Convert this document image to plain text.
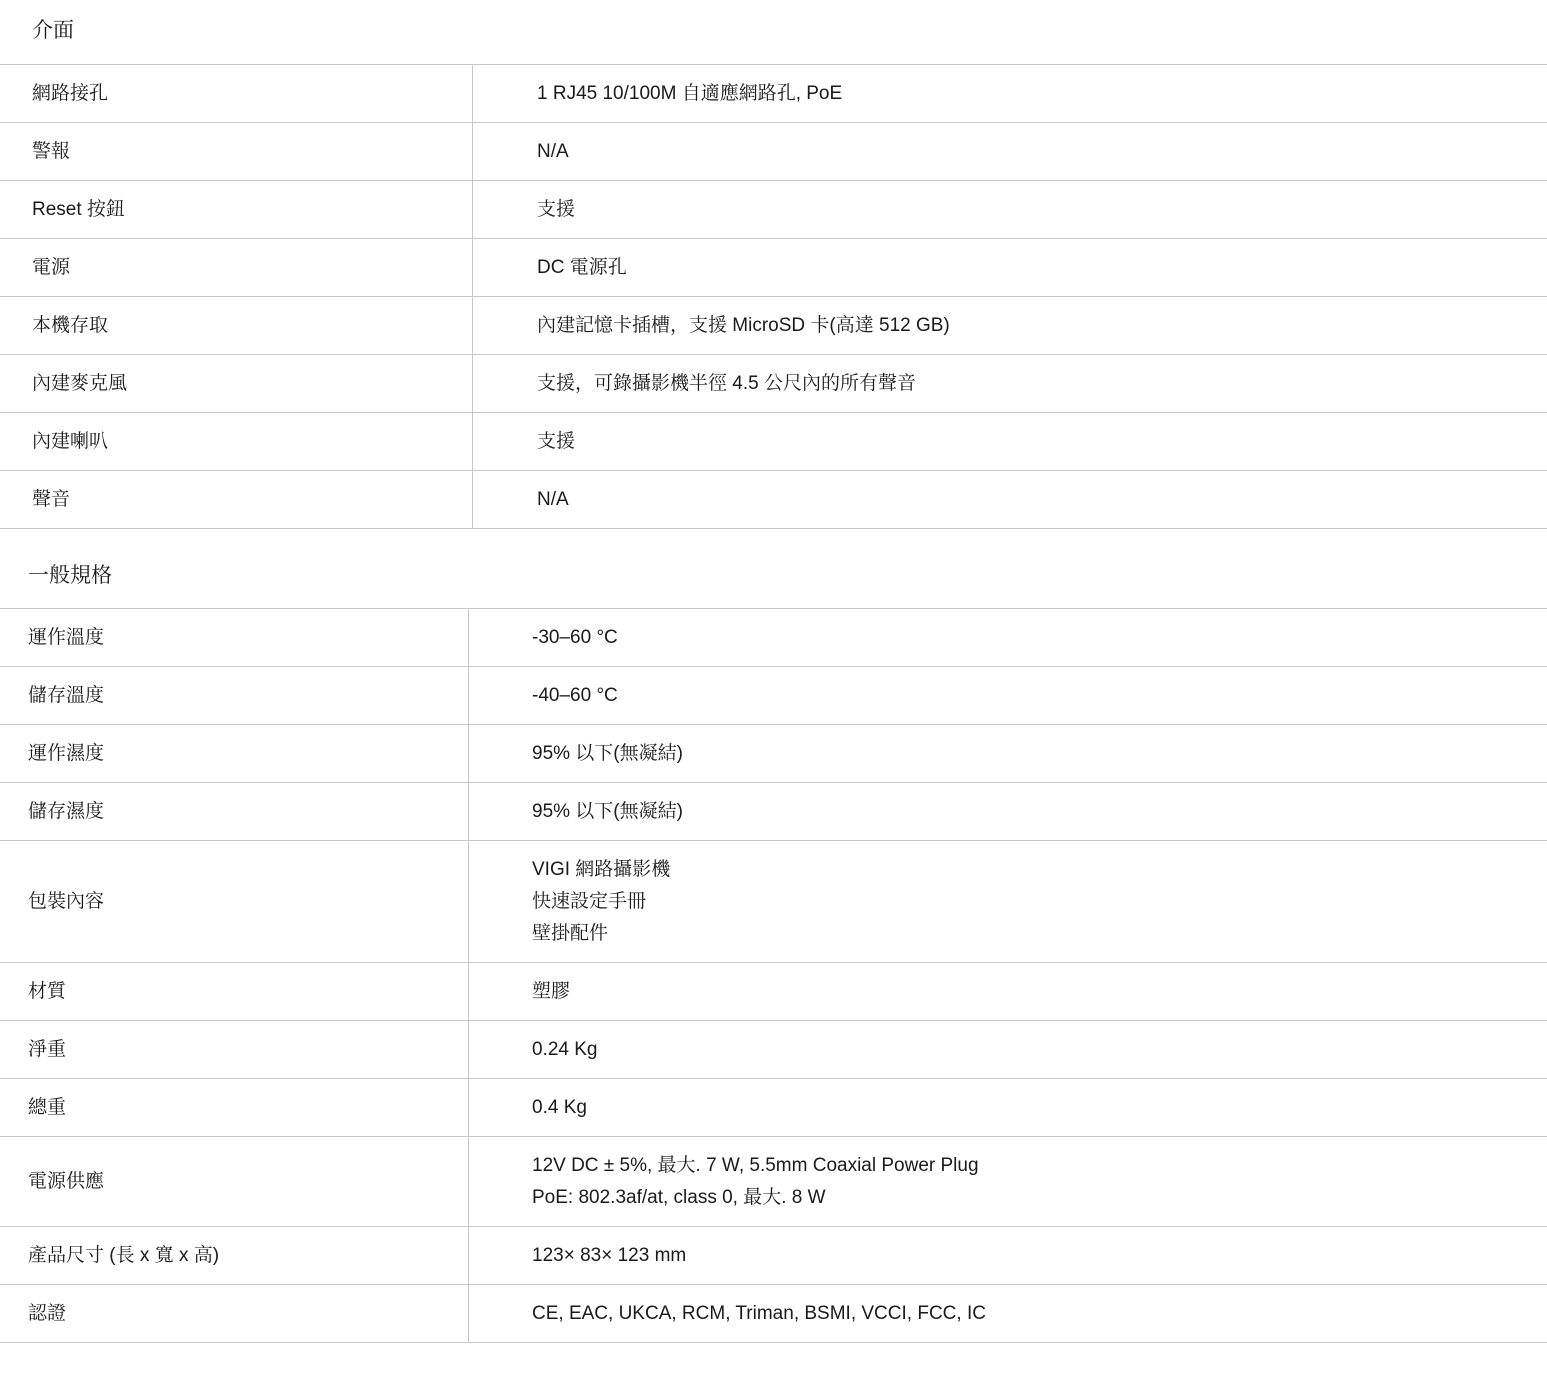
介面
網路接孔	1 RJ45 10/100M 自適應網路孔, PoE

警報	N/A

Reset 按鈕	支援

電源	DC 電源孔

本機存取	內建記憶卡插槽，支援 MicroSD 卡(高達 512 GB)

內建麥克風	支援，可錄攝影機半徑 4.5 公尺內的所有聲音

內建喇叭	支援

聲音	N/A
一般規格
運作溫度	-30–60 °C

儲存溫度	-40–60 °C

運作濕度	95% 以下(無凝結)

儲存濕度	95% 以下(無凝結)

包裝內容	VIGI 網路攝影機
快速設定手冊
壁掛配件

材質	塑膠

淨重	0.24 Kg

總重	0.4 Kg

電源供應	12V DC ± 5%, 最大. 7 W, 5.5mm Coaxial Power Plug
PoE: 802.3af/at, class 0, 最大. 8 W

產品尺寸 (長 x 寬 x 高)	123× 83× 123 mm

認證	CE, EAC, UKCA, RCM, Triman, BSMI, VCCI, FCC, IC
